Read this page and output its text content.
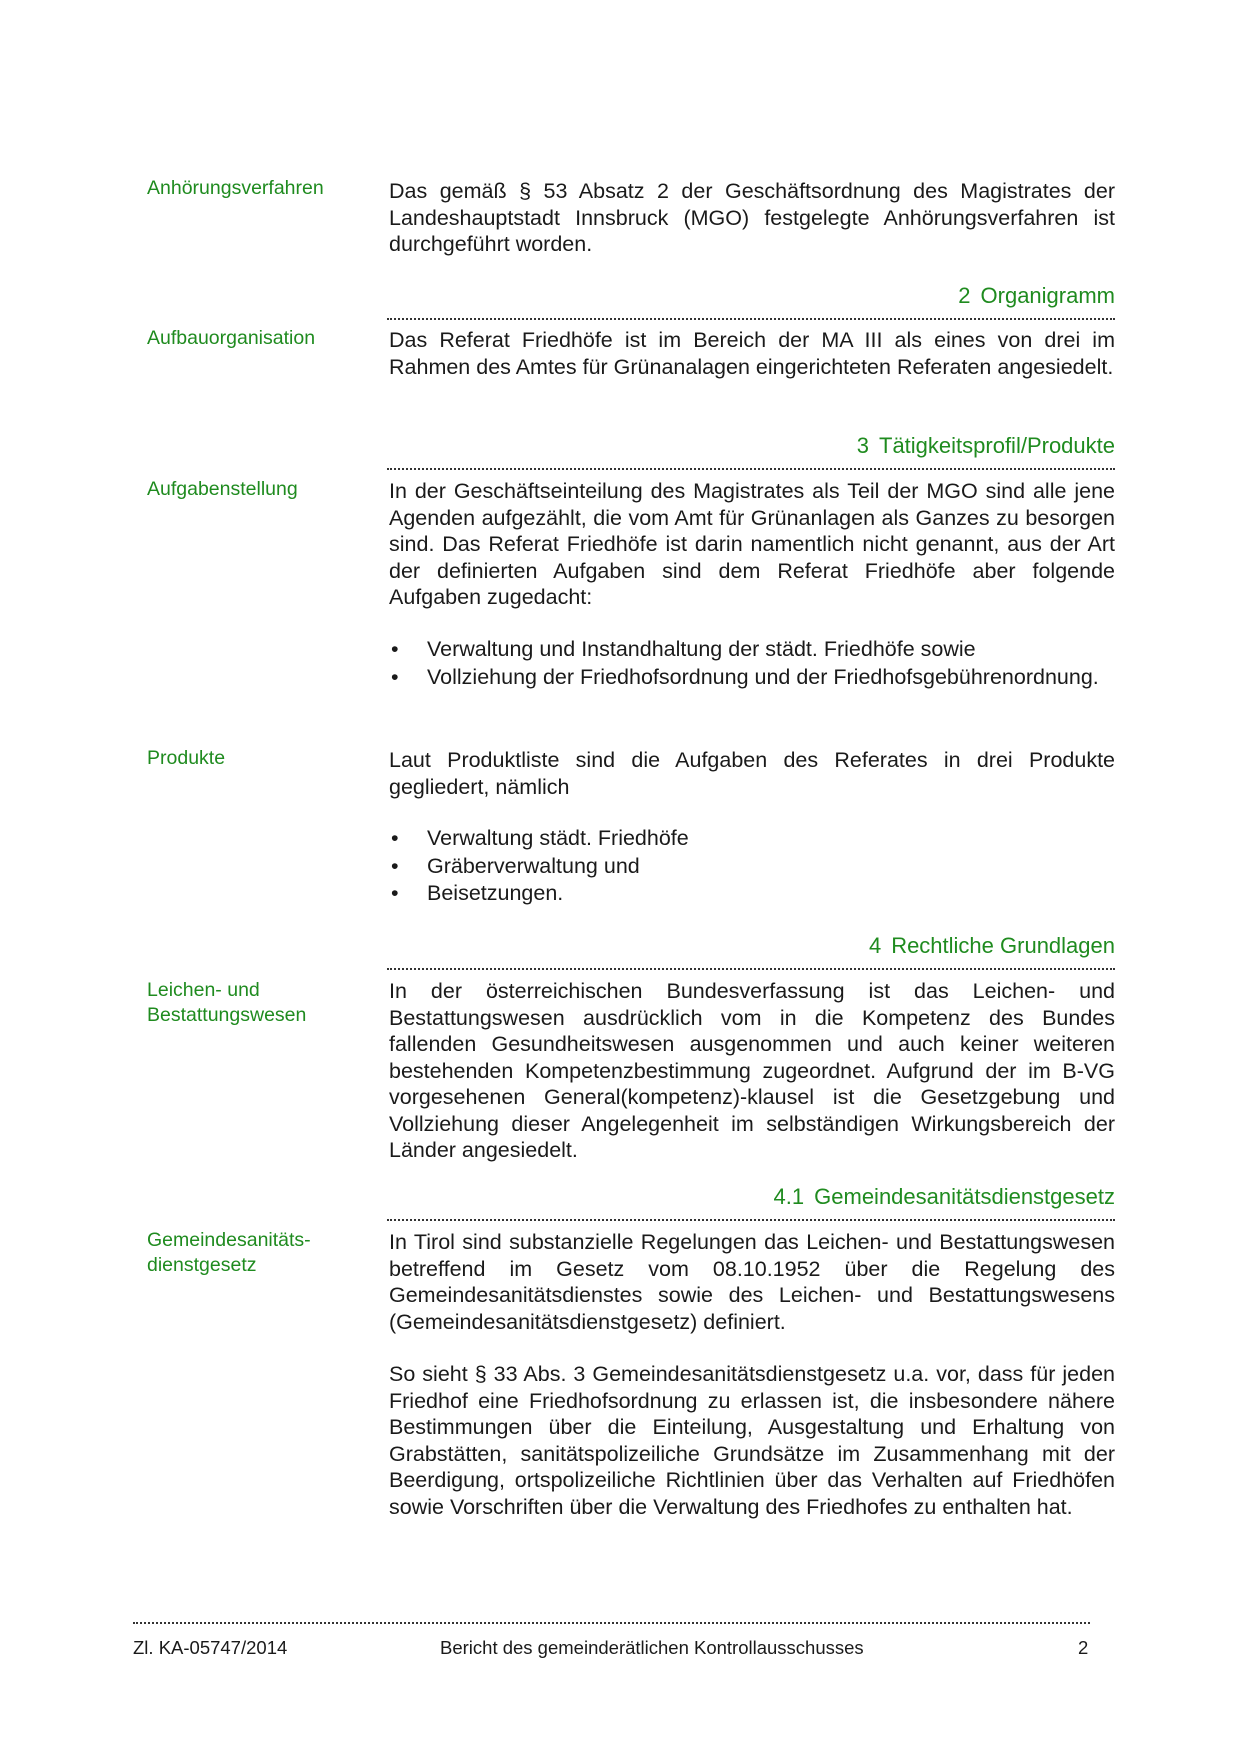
Anhörungsverfahren	Das gemäß § 53 Absatz 2 der Geschäftsordnung des Magistrates der Landeshauptstadt Innsbruck (MGO) festgelegte Anhörungsverfahren ist durchgeführt worden.
2 Organigramm
Aufbauorganisation	Das Referat Friedhöfe ist im Bereich der MA III als eines von drei im Rahmen des Amtes für Grünanalagen eingerichteten Referaten angesiedelt.
3 Tätigkeitsprofil/Produkte
Aufgabenstellung	In der Geschäftseinteilung des Magistrates als Teil der MGO sind alle jene Agenden aufgezählt, die vom Amt für Grünanlagen als Ganzes zu besorgen sind. Das Referat Friedhöfe ist darin namentlich nicht genannt, aus der Art der definierten Aufgaben sind dem Referat Friedhöfe aber folgende Aufgaben zugedacht:
• Verwaltung und Instandhaltung der städt. Friedhöfe sowie
• Vollziehung der Friedhofsordnung und der Friedhofsgebührenordnung.
Produkte	Laut Produktliste sind die Aufgaben des Referates in drei Produkte gegliedert, nämlich
• Verwaltung städt. Friedhöfe
• Gräberverwaltung und
• Beisetzungen.
4 Rechtliche Grundlagen
Leichen- und
Bestattungswesen
In der österreichischen Bundesverfassung ist das Leichen- und Bestattungswesen ausdrücklich vom in die Kompetenz des Bundes fallenden Gesundheitswesen ausgenommen und auch keiner weiteren bestehenden Kompetenzbestimmung zugeordnet. Aufgrund der im B-VG vorgesehenen General(kompetenz)-klausel ist die Gesetzgebung und Vollziehung dieser Angelegenheit im selbständigen Wirkungsbereich der Länder angesiedelt.
4.1 Gemeindesanitätsdienstgesetz
Gemeindesanitäts-
dienstgesetz
In Tirol sind substanzielle Regelungen das Leichen- und Bestattungswesen betreffend im Gesetz vom 08.10.1952 über die Regelung des Gemeindesanitätsdienstes sowie des Leichen- und Bestattungswesens (Gemeindesanitätsdienstgesetz) definiert.
So sieht § 33 Abs. 3 Gemeindesanitätsdienstgesetz u.a. vor, dass für jeden Friedhof eine Friedhofsordnung zu erlassen ist, die insbesondere nähere Bestimmungen über die Einteilung, Ausgestaltung und Erhaltung von Grabstätten, sanitätspolizeiliche Grundsätze im Zusammenhang mit der Beerdigung, ortspolizeiliche Richtlinien über das Verhalten auf Friedhöfen sowie Vorschriften über die Verwaltung des Friedhofes zu enthalten hat.
Zl. KA-05747/2014	Bericht des gemeinderätlichen Kontrollausschusses	2
